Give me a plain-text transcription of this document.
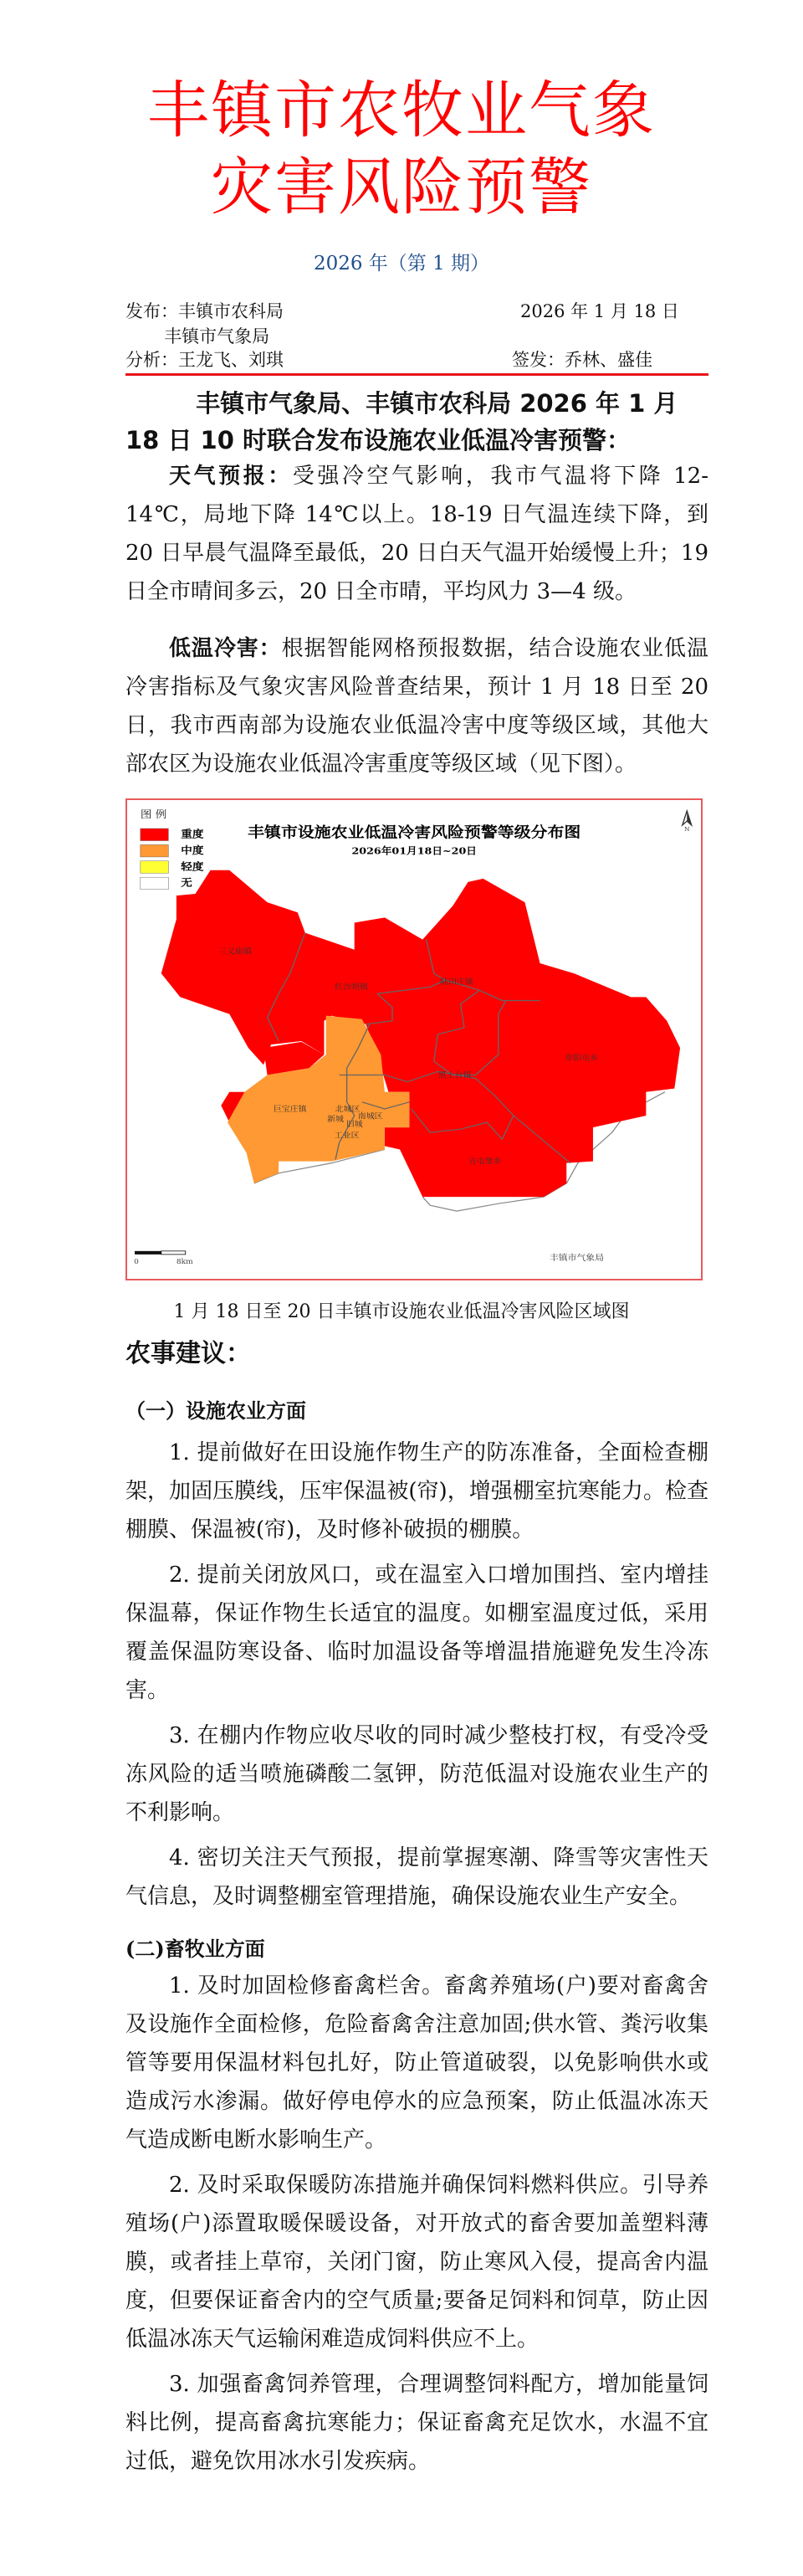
丰镇市农牧业气象
灾害风险预警
2026 年（第 1 期）
发布：丰镇市农科局
丰镇市气象局
2026 年 1 月 18 日
分析：王龙飞、刘琪	签发：乔林、盛佳
丰镇市气象局、丰镇市农科局 2026 年 1 月 18 日 10 时联合发布设施农业低温冷害预警：

天气预报：受强冷空气影响，我市气温将下降 12-14℃，局地下降 14℃以上。18-19 日气温连续下降，到 20 日早晨气温降至最低，20 日白天气温开始缓慢上升；19 日全市晴间多云，20 日全市晴，平均风力 3—4 级。

低温冷害：根据智能网格预报数据，结合设施农业低温冷害指标及气象灾害风险普查结果，预计 1 月 18 日至 20 日，我市西南部为设施农业低温冷害中度等级区域，其他大部农区为设施农业低温冷害重度等级区域（见下图）。

图 例
重度
中度
轻度
无
丰镇市设施农业低温冷害风险预警等级分布图
2026年01月18日~20日
N
三义庙镇
红沙坝镇
陆田庄镇
岸阳屯乡
黑土台镇
巨宝庄镇 北城区
新城
旧城
南城区
工业区
吉屯堡乡
0 8km	丰镇市气象局
1 月 18 日至 20 日丰镇市设施农业低温冷害风险区域图
农事建议：
（一）设施农业方面

1. 提前做好在田设施作物生产的防冻准备，全面检查棚架，加固压膜线，压牢保温被(帘)，增强棚室抗寒能力。检查棚膜、保温被(帘)，及时修补破损的棚膜。

2. 提前关闭放风口，或在温室入口增加围挡、室内增挂保温幕，保证作物生长适宜的温度。如棚室温度过低，采用覆盖保温防寒设备、临时加温设备等增温措施避免发生冷冻害。

3. 在棚内作物应收尽收的同时减少整枝打杈，有受冷受冻风险的适当喷施磷酸二氢钾，防范低温对设施农业生产的不利影响。

4. 密切关注天气预报，提前掌握寒潮、降雪等灾害性天气信息，及时调整棚室管理措施，确保设施农业生产安全。

(二)畜牧业方面

1. 及时加固检修畜禽栏舍。畜禽养殖场(户)要对畜禽舍及设施作全面检修，危险畜禽舍注意加固;供水管、粪污收集管等要用保温材料包扎好，防止管道破裂，以免影响供水或造成污水渗漏。做好停电停水的应急预案，防止低温冰冻天气造成断电断水影响生产。

2. 及时采取保暖防冻措施并确保饲料燃料供应。引导养殖场(户)添置取暖保暖设备，对开放式的畜舍要加盖塑料薄膜，或者挂上草帘，关闭门窗，防止寒风入侵，提高舍内温度，但要保证畜舍内的空气质量;要备足饲料和饲草，防止因低温冰冻天气运输闲难造成饲料供应不上。

3. 加强畜禽饲养管理，合理调整饲料配方，增加能量饲料比例，提高畜禽抗寒能力；保证畜禽充足饮水，水温不宜过低，避免饮用冰水引发疾病。
